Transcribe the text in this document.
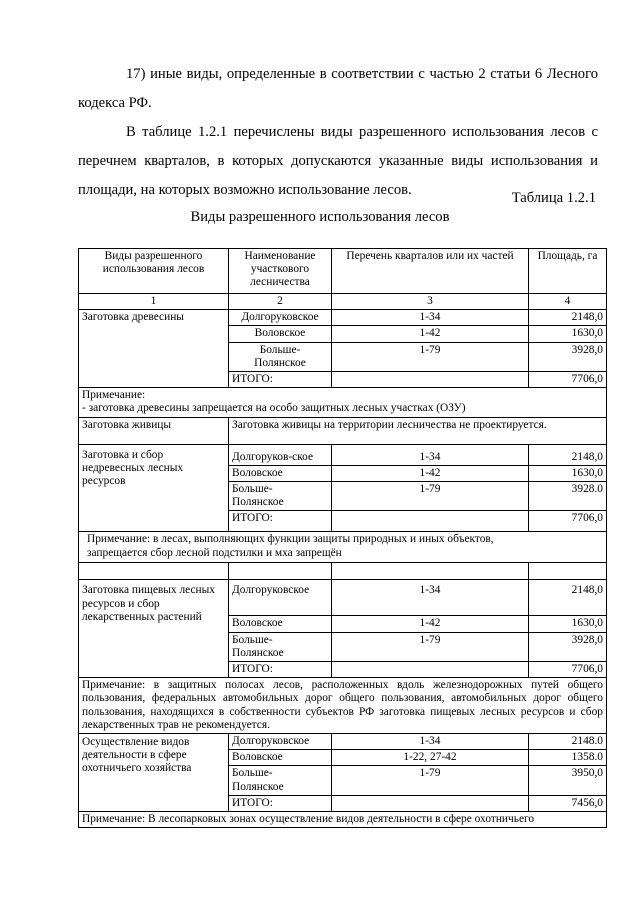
17) иные виды, определенные в соответствии с частью 2 статьи 6 Лесного кодекса РФ.

В таблице 1.2.1 перечислены виды разрешенного использования лесов с перечнем кварталов, в которых допускаются указанные виды использования и площади, на которых возможно использование лесов.	Таблица 1.2.1
Виды разрешенного использования лесов
Виды разрешенного использования лесов	Наименование участкового лесничества	Перечень кварталов или их частей	Площадь, га
1	2	3	4
Заготовка древесины	Долгоруковское	1-34	2148,0
	Воловское	1-42	1630,0
	Больше-Полянское	1-79	3928,0
	ИТОГО:		7706,0

Примечание:
- заготовка древесины запрещается на особо защитных лесных участках (ОЗУ)			

Заготовка живицы	Заготовка живицы на территории лесничества не проектируется.		
Заготовка и сбор недревесных лесных ресурсов	Долгоруков-ское	1-34	2148,0
	Воловское	1-42	1630,0
	Больше-Полянское	1-79	3928.0
	ИТОГО:		7706,0
Примечание: в лесах, выполняющих функции защиты природных и иных объектов, запрещается сбор лесной подстилки и мха запрещён			

Заготовка пищевых лесных ресурсов и сбор лекарственных растений	Долгоруковское	1-34	2148,0
	Воловское	1-42	1630,0
	Больше-Полянское	1-79	3928,0
	ИТОГО:		7706,0
Примечание: в защитных полосах лесов, расположенных вдоль железнодорожных путей общего пользования, федеральных автомобильных дорог общего пользования, автомобильных дорог общего пользования, находящихся в собственности субъектов РФ заготовка пищевых лесных ресурсов и сбор лекарственных трав не рекомендуется.			
Осуществление видов деятельности в сфере охотничьего хозяйства	Долгоруковское	1-34	2148.0
	Воловское	1-22, 27-42	1358.0
	Больше-Полянское	1-79	3950,0
	ИТОГО:		7456,0
Примечание: В лесопарковых зонах осуществление видов деятельности в сфере охотничьего			
